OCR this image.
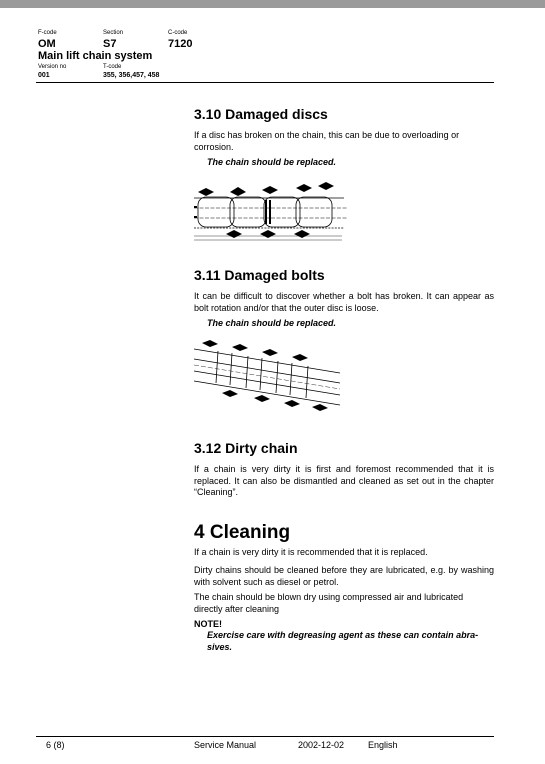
F-code
OM
Section
S7
C-code
7120
Main lift chain system
Version no
001
T-code
355, 356,457, 458
3.10 Damaged discs

If a disc has broken on the chain, this can be due to overloading or corrosion.

The chain should be replaced.

3.11 Damaged bolts

It can be difficult to discover whether a bolt has broken. It can appear as bolt rotation and/or that the outer disc is loose.

The chain should be replaced.

3.12 Dirty chain

If a chain is very dirty it is first and foremost recommended that it is replaced. It can also be dismantled and cleaned as set out in the chapter “Cleaning”.

4 Cleaning

If a chain is very dirty it is recommended that it is replaced.

Dirty chains should be cleaned before they are lubricated, e.g. by washing with solvent such as diesel or petrol.

The chain should be blown dry using compressed air and lubricated directly after cleaning

NOTE!

Exercise care with degreasing agent as these can contain abrasives.

6 (8)	Service Manual	2002-12-02	English
